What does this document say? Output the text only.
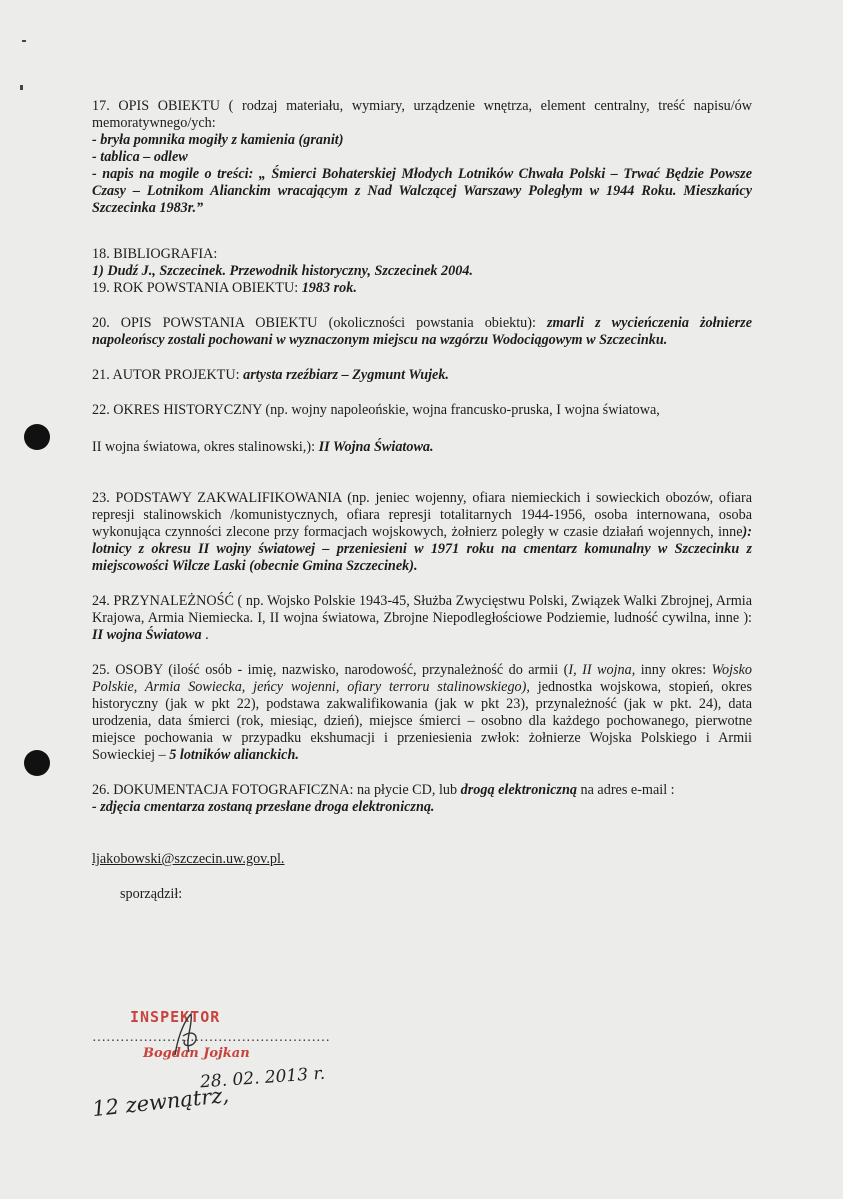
17. OPIS OBIEKTU ( rodzaj materiału, wymiary, urządzenie wnętrza, element centralny, treść napisu/ów memoratywnego/ych:
- bryła pomnika mogiły z kamienia (granit)
- tablica – odlew
- napis na mogile o treści: „ Śmierci Bohaterskiej Młodych Lotników Chwała Polski – Trwać Będzie Powsze Czasy – Lotnikom Alianckim wracającym z Nad Walczącej Warszawy Poległym w 1944 Roku. Mieszkańcy Szczecinka 1983r.”
18. BIBLIOGRAFIA:
1) Dudź J., Szczecinek. Przewodnik historyczny, Szczecinek 2004.
19. ROK POWSTANIA OBIEKTU: 1983 rok.
20. OPIS POWSTANIA OBIEKTU (okoliczności powstania obiektu): zmarli z wycieńczenia żołnierze napoleońscy zostali pochowani w wyznaczonym miejscu na wzgórzu Wodociągowym w Szczecinku.
21. AUTOR PROJEKTU: artysta rzeźbiarz – Zygmunt Wujek.
22. OKRES HISTORYCZNY (np. wojny napoleońskie, wojna francusko-pruska, I wojna światowa,
II wojna światowa, okres stalinowski,): II Wojna Światowa.
23. PODSTAWY ZAKWALIFIKOWANIA (np. jeniec wojenny, ofiara niemieckich i sowieckich obozów, ofiara represji stalinowskich /komunistycznych, ofiara represji totalitarnych 1944-1956, osoba internowana, osoba wykonująca czynności zlecone przy formacjach wojskowych, żołnierz poległy w czasie działań wojennych, inne): lotnicy z okresu II wojny światowej – przeniesieni w 1971 roku na cmentarz komunalny w Szczecinku z miejscowości Wilcze Laski (obecnie Gmina Szczecinek).
24. PRZYNALEŻNOŚĆ ( np. Wojsko Polskie 1943-45, Służba Zwycięstwu Polski, Związek Walki Zbrojnej, Armia Krajowa, Armia Niemiecka. I, II wojna światowa, Zbrojne Niepodległościowe Podziemie, ludność cywilna, inne ): II wojna Światowa .
25. OSOBY (ilość osób - imię, nazwisko, narodowość, przynależność do armii (I, II wojna, inny okres: Wojsko Polskie, Armia Sowiecka, jeńcy wojenni, ofiary terroru stalinowskiego), jednostka wojskowa, stopień, okres historyczny (jak w pkt 22), podstawa zakwalifikowania (jak w pkt 23), przynależność (jak w pkt. 24), data urodzenia, data śmierci (rok, miesiąc, dzień), miejsce śmierci – osobno dla każdego pochowanego, pierwotne miejsce pochowania w przypadku ekshumacji i przeniesienia zwłok: żołnierze Wojska Polskiego i Armii Sowieckiej – 5 lotników alianckich.
26. DOKUMENTACJA FOTOGRAFICZNA: na płycie CD, lub drogą elektroniczną na adres e-mail :
- zdjęcia cmentarza zostaną przesłane droga elektroniczną.
ljakobowski@szczecin.uw.gov.pl.
sporządził:
……………………………………………
INSPEKTOR
Bogdan Jojkan
12 zewnątrz,
28. 02. 2013 r.
